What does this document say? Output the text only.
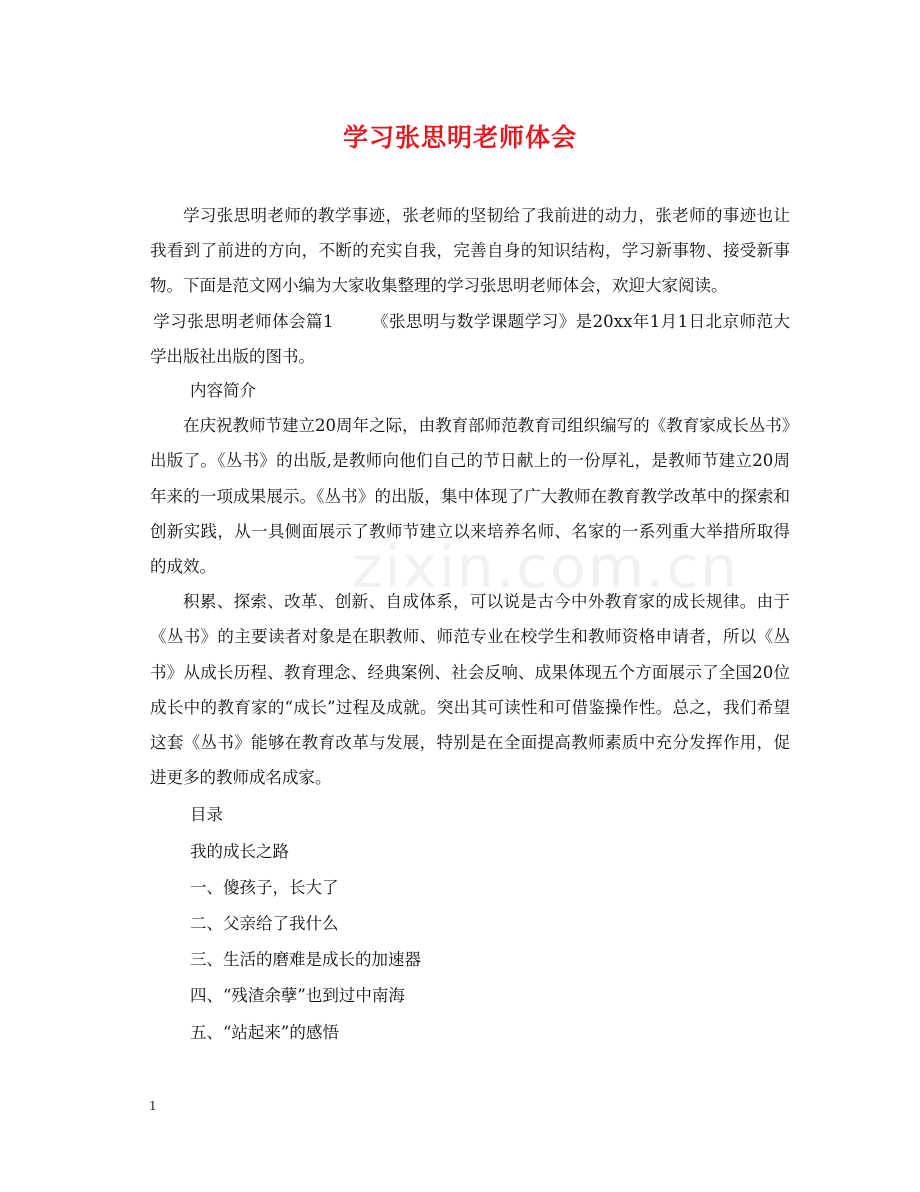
学习张思明老师体会
zixin.com.cn

学习张思明老师的教学事迹，张老师的坚韧给了我前进的动力，张老师的事迹也让我看到了前进的方向，不断的充实自我，完善自身的知识结构，学习新事物、接受新事物。下面是范文网小编为大家收集整理的学习张思明老师体会，欢迎大家阅读。

学习张思明老师体会篇1 《张思明与数学课题学习》是20xx年1月1日北京师范大学出版社出版的图书。

内容简介

在庆祝教师节建立20周年之际，由教育部师范教育司组织编写的《教育家成长丛书》出版了。《丛书》的出版,是教师向他们自己的节日献上的一份厚礼，是教师节建立20周年来的一项成果展示。《丛书》的出版，集中体现了广大教师在教育教学改革中的探索和创新实践，从一具侧面展示了教师节建立以来培养名师、名家的一系列重大举措所取得的成效。

积累、探索、改革、创新、自成体系，可以说是古今中外教育家的成长规律。由于《丛书》的主要读者对象是在职教师、师范专业在校学生和教师资格申请者，所以《丛书》从成长历程、教育理念、经典案例、社会反响、成果体现五个方面展示了全国20位成长中的教育家的“成长”过程及成就。突出其可读性和可借鉴操作性。总之，我们希望这套《丛书》能够在教育改革与发展，特别是在全面提高教师素质中充分发挥作用，促进更多的教师成名成家。

目录

我的成长之路

一、傻孩子，长大了

二、父亲给了我什么

三、生活的磨难是成长的加速器

四、“残渣余孽”也到过中南海

五、“站起来”的感悟

1
